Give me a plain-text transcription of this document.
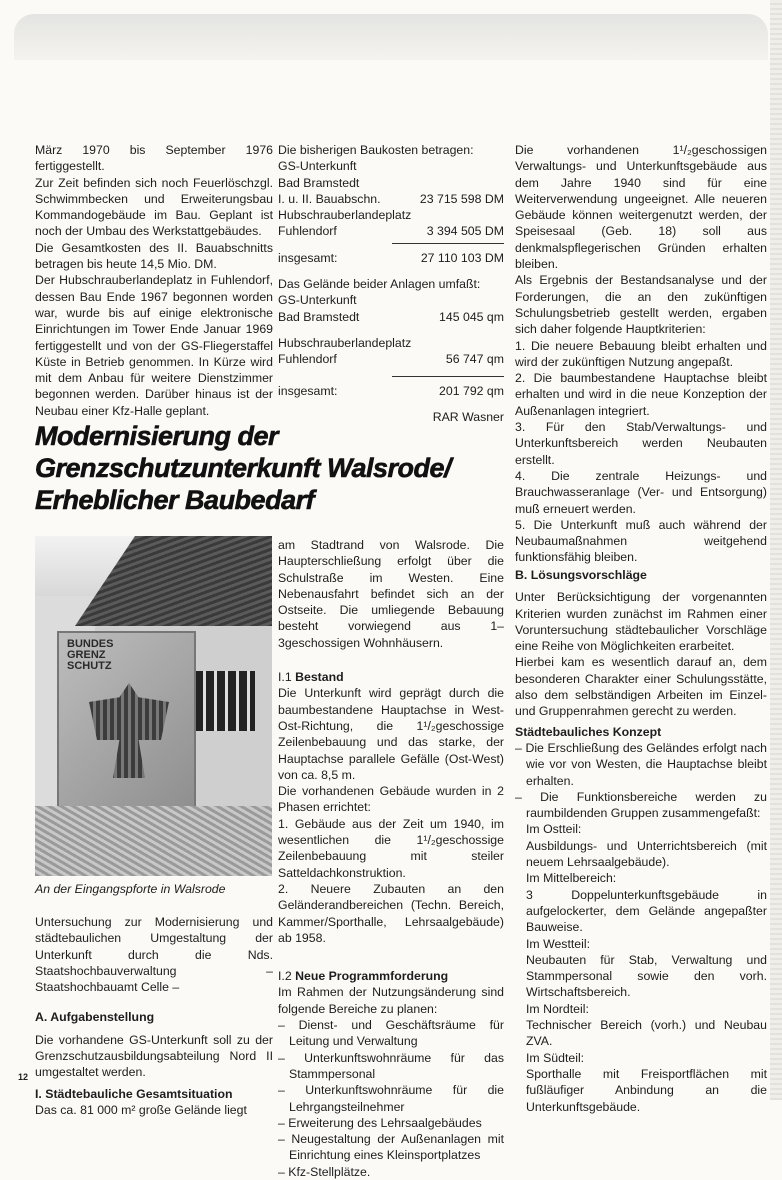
März 1970 bis September 1976 fertiggestellt.

Zur Zeit befinden sich noch Feuerlöschzgl. Schwimmbecken und Erweiterungsbau Kommandogebäude im Bau. Geplant ist noch der Umbau des Werkstattgebäudes.

Die Gesamtkosten des II. Bauabschnitts betragen bis heute 14,5 Mio. DM.

Der Hubschrauberlandeplatz in Fuhlendorf, dessen Bau Ende 1967 begonnen worden war, wurde bis auf einige elektronische Einrichtungen im Tower Ende Januar 1969 fertiggestellt und von der GS-Fliegerstaffel Küste in Betrieb genommen. In Kürze wird mit dem Anbau für weitere Dienstzimmer begonnen werden. Darüber hinaus ist der Neubau einer Kfz-Halle geplant.

Die bisherigen Baukosten betragen:
GS-Unterkunft
Bad Bramstedt
I. u. II. Bauabschn.	23 715 598 DM
Hubschrauberlandeplatz
Fuhlendorf	3 394 505 DM
insgesamt:	27 110 103 DM
Das Gelände beider Anlagen umfaßt:
GS-Unterkunft
Bad Bramstedt	145 045 qm
Hubschrauberlandeplatz
Fuhlendorf	56 747 qm
insgesamt:	201 792 qm
RAR Wasner

Die vorhandenen 1¹/₂geschossigen Verwaltungs- und Unterkunftsgebäude aus dem Jahre 1940 sind für eine Weiterverwendung ungeeignet. Alle neueren Gebäude können weitergenutzt werden, der Speisesaal (Geb. 18) soll aus denkmalspflegerischen Gründen erhalten bleiben.

Als Ergebnis der Bestandsanalyse und der Forderungen, die an den zukünftigen Schulungsbetrieb gestellt werden, ergaben sich daher folgende Hauptkriterien:

1. Die neuere Bebauung bleibt erhalten und wird der zukünftigen Nutzung angepaßt.

2. Die baumbestandene Hauptachse bleibt erhalten und wird in die neue Konzeption der Außenanlagen integriert.

3. Für den Stab/Verwaltungs- und Unterkunftsbereich werden Neubauten erstellt.

4. Die zentrale Heizungs- und Brauchwasseranlage (Ver- und Entsorgung) muß erneuert werden.

5. Die Unterkunft muß auch während der Neubaumaßnahmen weitgehend funktionsfähig bleiben.

Modernisierung der
Grenzschutzunterkunft Walsrode/
Erheblicher Baubedarf
BUNDES
GRENZ
SCHUTZ
An der Eingangspforte in Walsrode

Untersuchung zur Modernisierung und städtebaulichen Umgestaltung der Unterkunft durch die Nds. Staatshochbauverwaltung – Staatshochbauamt Celle –

A. Aufgabenstellung

Die vorhandene GS-Unterkunft soll zu der Grenzschutzausbildungsabteilung Nord II umgestaltet werden.

I. Städtebauliche Gesamtsituation

Das ca. 81 000 m² große Gelände liegt

12

am Stadtrand von Walsrode. Die Haupterschließung erfolgt über die Schulstraße im Westen. Eine Nebenausfahrt befindet sich an der Ostseite. Die umliegende Bebauung besteht vorwiegend aus 1–3geschossigen Wohnhäusern.

I.1 Bestand

Die Unterkunft wird geprägt durch die baumbestandene Hauptachse in West-Ost-Richtung, die 1¹/₂geschossige Zeilenbebauung und das starke, der Hauptachse parallele Gefälle (Ost-West) von ca. 8,5 m.

Die vorhandenen Gebäude wurden in 2 Phasen errichtet:

1. Gebäude aus der Zeit um 1940, im wesentlichen die 1¹/₂geschossige Zeilenbebauung mit steiler Satteldachkonstruktion.

2. Neuere Zubauten an den Geländerandbereichen (Techn. Bereich, Kammer/Sporthalle, Lehrsaalgebäude) ab 1958.

I.2 Neue Programmforderung

Im Rahmen der Nutzungsänderung sind folgende Bereiche zu planen:

– Dienst- und Geschäftsräume für Leitung und Verwaltung

– Unterkunftswohnräume für das Stammpersonal

– Unterkunftswohnräume für die Lehrgangsteilnehmer

– Erweiterung des Lehrsaalgebäudes

– Neugestaltung der Außenanlagen mit Einrichtung eines Kleinsportplatzes

– Kfz-Stellplätze.

B. Lösungsvorschläge

Unter Berücksichtigung der vorgenannten Kriterien wurden zunächst im Rahmen einer Voruntersuchung städtebaulicher Vorschläge eine Reihe von Möglichkeiten erarbeitet.

Hierbei kam es wesentlich darauf an, dem besonderen Charakter einer Schulungsstätte, also dem selbständigen Arbeiten im Einzel- und Gruppenrahmen gerecht zu werden.

Städtebauliches Konzept

– Die Erschließung des Geländes erfolgt nach wie vor von Westen, die Hauptachse bleibt erhalten.

– Die Funktionsbereiche werden zu raumbildenden Gruppen zusammengefaßt:

Im Ostteil:

Ausbildungs- und Unterrichtsbereich (mit neuem Lehrsaalgebäude).

Im Mittelbereich:

3 Doppelunterkunftsgebäude in aufgelockerter, dem Gelände angepaßter Bauweise.

Im Westteil:

Neubauten für Stab, Verwaltung und Stammpersonal sowie den vorh. Wirtschaftsbereich.

Im Nordteil:

Technischer Bereich (vorh.) und Neubau ZVA.

Im Südteil:

Sporthalle mit Freisportflächen mit fußläufiger Anbindung an die Unterkunftsgebäude.
